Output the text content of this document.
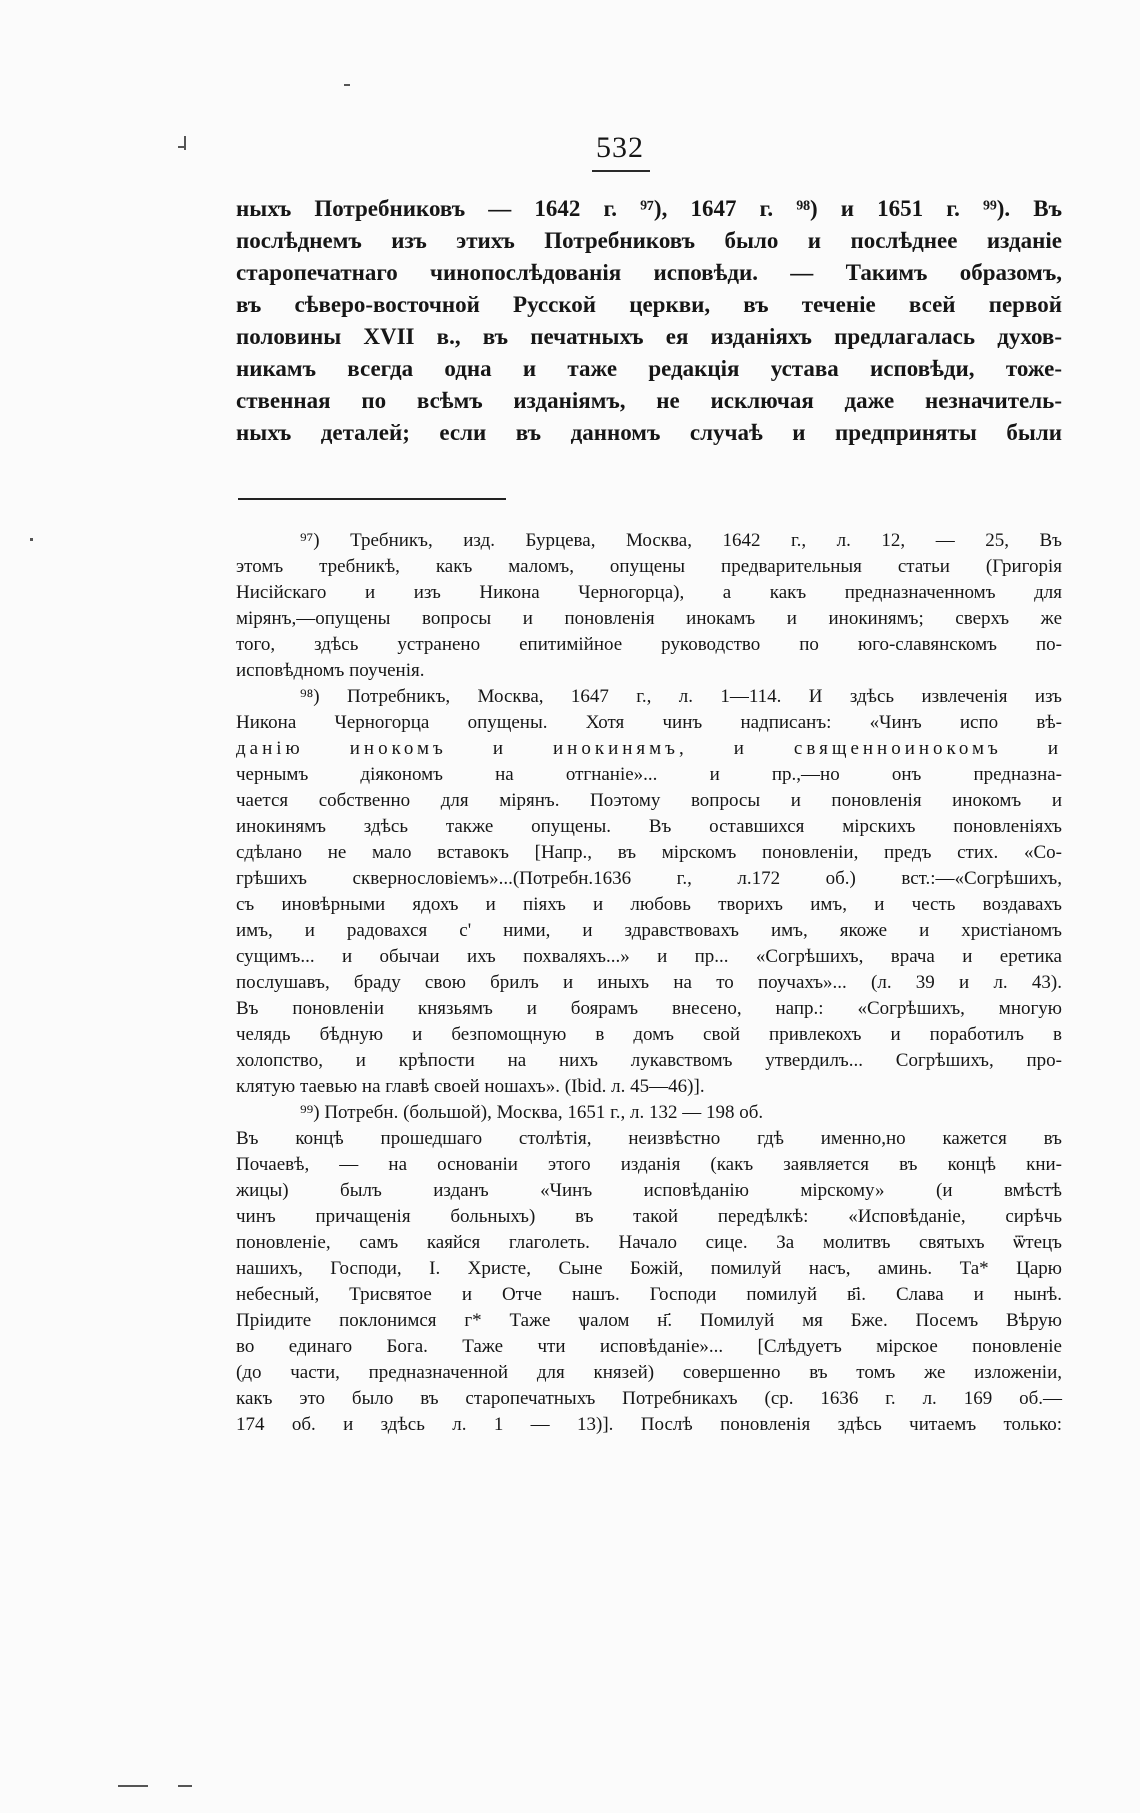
532
ныхъ Потребниковъ — 1642 г. ⁹⁷), 1647 г. ⁹⁸) и 1651 г. ⁹⁹). Въ
послѣднемъ изъ этихъ Потребниковъ было и послѣднее изданіе
старопечатнаго чинопослѣдованія исповѣди. — Такимъ образомъ,
въ сѣверо-восточной Русской церкви, въ теченіе всей первой
половины XVII в., въ печатныхъ ея изданіяхъ предлагалась духов-
никамъ всегда одна и таже редакція устава исповѣди, тоже-
ственная по всѣмъ изданіямъ, не исключая даже незначитель-
ныхъ деталей; если въ данномъ случаѣ и предприняты были
⁹⁷) Требникъ, изд. Бурцева, Москва, 1642 г., л. 12, — 25, Въ
этомъ требникѣ, какъ маломъ, опущены предварительныя статьи (Григорія
Нисійскаго и изъ Никона Черногорца), а какъ предназначенномъ для
мірянъ,—опущены вопросы и поновленія инокамъ и инокинямъ; сверхъ же
того, здѣсь устранено епитимійное руководство по юго-славянскомъ по-
исповѣдномъ поученія.
⁹⁸) Потребникъ, Москва, 1647 г., л. 1—114. И здѣсь извлеченія изъ
Никона Черногорца опущены. Хотя чинъ надписанъ: «Чинъ испо вѣ-
данію инокомъ и инокинямъ, и священноинокомъ и
чернымъ діякономъ на отгнаніе»... и пр.,—но онъ предназна-
чается собственно для мірянъ. Поэтому вопросы и поновленія инокомъ и
инокинямъ здѣсь также опущены. Въ оставшихся мірскихъ поновленіяхъ
сдѣлано не мало вставокъ [Напр., въ мірскомъ поновленіи, предъ стих. «Со-
грѣшихъ сквернословіемъ»...(Потребн.1636 г., л.172 об.) вст.:—«Согрѣшихъ,
съ иновѣрными ядохъ и піяхъ и любовь творихъ имъ, и честь воздавахъ
имъ, и радовахся с' ними, и здравствовахъ имъ, якоже и христіаномъ
сущимъ... и обычаи ихъ похваляхъ...» и пр... «Согрѣшихъ, врача и еретика
послушавъ, браду свою брилъ и иныхъ на то поучахъ»... (л. 39 и л. 43).
Въ поновленіи князьямъ и боярамъ внесено, напр.: «Согрѣшихъ, многую
челядь бѣдную и безпомощную в домъ свой привлекохъ и поработилъ в
холопство, и крѣпости на нихъ лукавствомъ утвердилъ... Согрѣшихъ, про-
клятую таевью на главѣ своей ношахъ». (Ibid. л. 45—46)].
⁹⁹) Потребн. (большой), Москва, 1651 г., л. 132 — 198 об.
Въ концѣ прошедшаго столѣтія, неизвѣстно гдѣ именно,но кажется въ
Почаевѣ, — на основаніи этого изданія (какъ заявляется въ концѣ кни-
жицы) былъ изданъ «Чинъ исповѣданію мірскому» (и вмѣстѣ
чинъ причащенія больныхъ) въ такой передѣлкѣ: «Исповѣданіе, сирѣчь
поновленіе, самъ каяйся глаголеть. Начало сице. За молитвъ святыхъ ѿтецъ
нашихъ, Господи, І. Христе, Сыне Божій, помилуй насъ, аминь. Та* Царю
небесный, Трисвятое и Отче нашъ. Господи помилуй в҃і. Слава и нынѣ.
Пріидите поклонимся г* Таже ѱалом н҃. Помилуй мя Бже. Посемъ Вѣрую
во единаго Бога. Таже чти исповѣданіе»... [Слѣдуетъ мірское поновленіе
(до части, предназначенной для князей) совершенно въ томъ же изложеніи,
какъ это было въ старопечатныхъ Потребникахъ (ср. 1636 г. л. 169 об.—
174 об. и здѣсь л. 1 — 13)]. Послѣ поновленія здѣсь читаемъ только:
